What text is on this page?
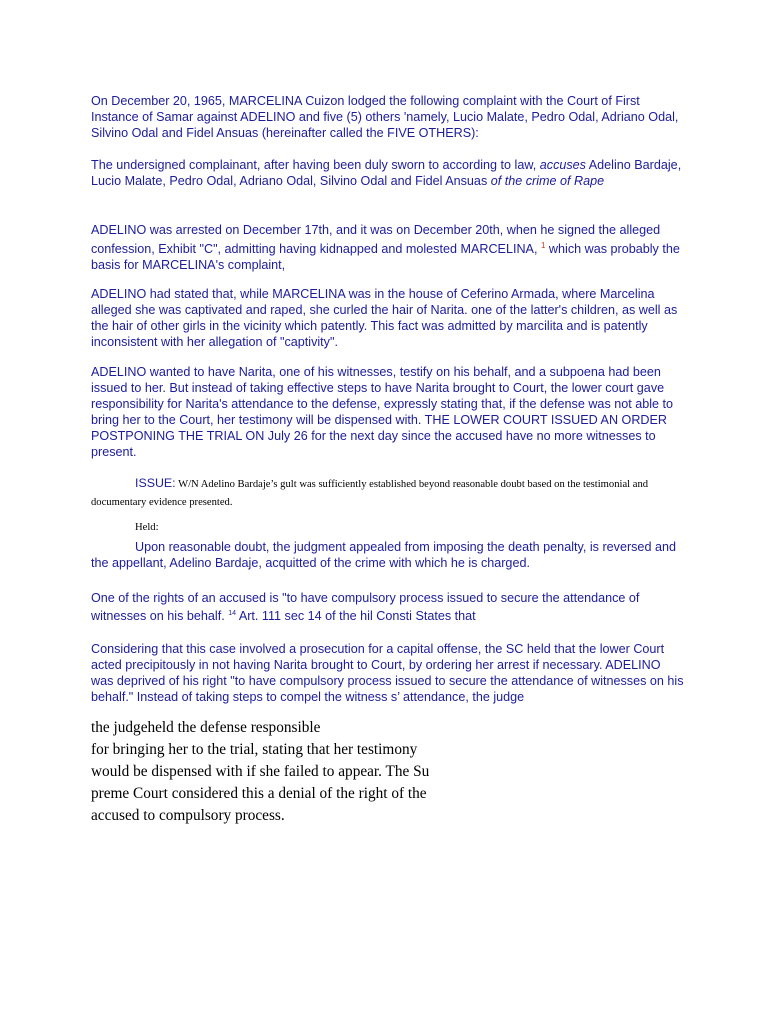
On December 20, 1965, MARCELINA Cuizon lodged the following complaint with the Court of First Instance of Samar against ADELINO and five (5) others 'namely, Lucio Malate, Pedro Odal, Adriano Odal, Silvino Odal and Fidel Ansuas (hereinafter called the FIVE OTHERS):

The undersigned complainant, after having been duly sworn to according to law, accuses Adelino Bardaje, Lucio Malate, Pedro Odal, Adriano Odal, Silvino Odal and Fidel Ansuas of the crime of Rape

ADELINO was arrested on December 17th, and it was on December 20th, when he signed the alleged confession, Exhibit "C", admitting having kidnapped and molested MARCELINA, $^1$ which was probably the basis for MARCELINA's complaint,

ADELINO had stated that, while MARCELINA was in the house of Ceferino Armada, where Marcelina alleged she was captivated and raped, she curled the hair of Narita. one of the latter's children, as well as the hair of other girls in the vicinity which patently. This fact was admitted by marcilita and is patently inconsistent with her allegation of "captivity".

ADELINO wanted to have Narita, one of his witnesses, testify on his behalf, and a subpoena had been issued to her. But instead of taking effective steps to have Narita brought to Court, the lower court gave responsibility for Narita's attendance to the defense, expressly stating that, if the defense was not able to bring her to the Court, her testimony will be dispensed with. THE LOWER COURT ISSUED AN ORDER POSTPONING THE TRIAL ON July 26 for the next day since the accused have no more witnesses to present.

ISSUE: W/N Adelino Bardaje’s gult was sufficiently established beyond reasonable doubt based on the testimonial and documentary evidence presented.

Held:

Upon reasonable doubt, the judgment appealed from imposing the death penalty, is reversed and the appellant, Adelino Bardaje, acquitted of the crime with which he is charged.

One of the rights of an accused is "to have compulsory process issued to secure the attendance of witnesses on his behalf. $^{14}$ Art. 111 sec 14 of the hil Consti States that

Considering that this case involved a prosecution for a capital offense, the SC held that the lower Court acted precipitously in not having Narita brought to Court, by ordering her arrest if necessary. ADELINO was deprived of his right "to have compulsory process issued to secure the attendance of witnesses on his behalf." Instead of taking steps to compel the witness s’ attendance, the judge

the judgeheld the defense responsible
for bringing her to the trial, stating that her testimony
would be dispensed with if she failed to appear. The Su
preme Court considered this a denial of the right of the
accused to compulsory process.
